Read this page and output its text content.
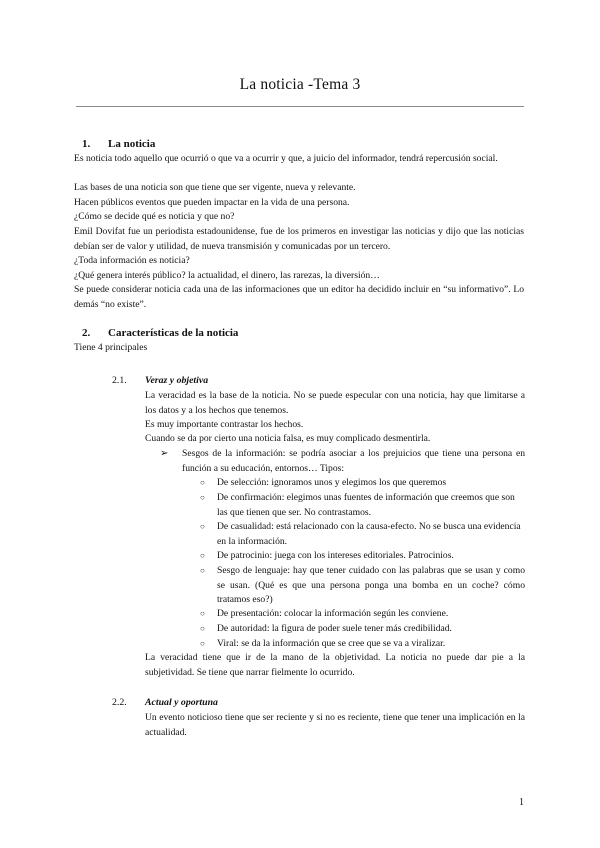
La noticia -Tema 3
1. La noticia

Es noticia todo aquello que ocurrió o que va a ocurrir y que, a juicio del informador, tendrá repercusión social.

Las bases de una noticia son que tiene que ser vigente, nueva y relevante.

Hacen públicos eventos que pueden impactar en la vida de una persona.

¿Cómo se decide qué es noticia y que no?

Emil Dovifat fue un periodista estadounidense, fue de los primeros en investigar las noticias y dijo que las noticias debían ser de valor y utilidad, de nueva transmisión y comunicadas por un tercero.

¿Toda información es noticia?

¿Qué genera interés público? la actualidad, el dinero, las rarezas, la diversión…

Se puede considerar noticia cada una de las informaciones que un editor ha decidido incluir en “su informativo”. Lo demás “no existe”.

2. Características de la noticia

Tiene 4 principales

2.1. Veraz y objetiva

La veracidad es la base de la noticia. No se puede especular con una noticia, hay que limitarse a los datos y a los hechos que tenemos.

Es muy importante contrastar los hechos.

Cuando se da por cierto una noticia falsa, es muy complicado desmentirla.

➢ Sesgos de la información: se podría asociar a los prejuicios que tiene una persona en función a su educación, entornos… Tipos:
○ De selección: ignoramos unos y elegimos los que queremos
○ De confirmación: elegimos unas fuentes de información que creemos que son las que tienen que ser. No contrastamos.
○ De casualidad: está relacionado con la causa-efecto. No se busca una evidencia en la información.
○ De patrocinio: juega con los intereses editoriales. Patrocinios.
○ Sesgo de lenguaje: hay que tener cuidado con las palabras que se usan y como se usan. (Qué es que una persona ponga una bomba en un coche? cómo tratamos eso?)
○ De presentación: colocar la información según les conviene.
○ De autoridad: la figura de poder suele tener más credibilidad.
○ Viral: se da la información que se cree que se va a viralizar.

La veracidad tiene que ir de la mano de la objetividad. La noticia no puede dar pie a la subjetividad. Se tiene que narrar fielmente lo ocurrido.

2.2. Actual y oportuna

Un evento noticioso tiene que ser reciente y si no es reciente, tiene que tener una implicación en la actualidad.

1
